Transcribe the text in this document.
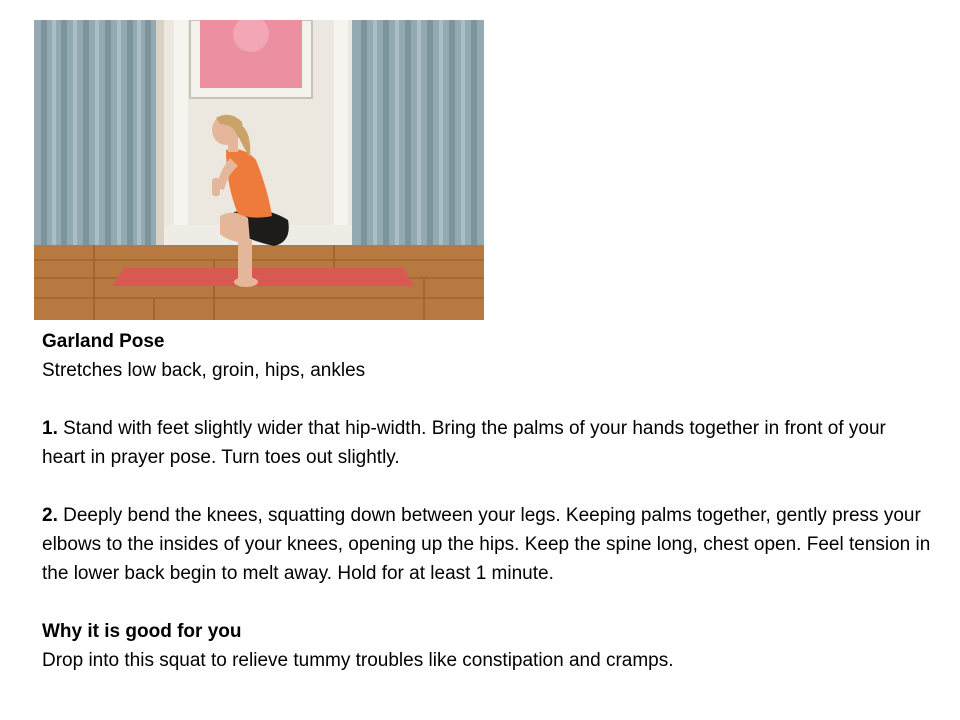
Garland Pose

Stretches low back, groin, hips, ankles

1. Stand with feet slightly wider that hip-width. Bring the palms of your hands together in front of your heart in prayer pose. Turn toes out slightly.

2. Deeply bend the knees, squatting down between your legs. Keeping palms together, gently press your elbows to the insides of your knees, opening up the hips. Keep the spine long, chest open. Feel tension in the lower back begin to melt away. Hold for at least 1 minute.

Why it is good for you

Drop into this squat to relieve tummy troubles like constipation and cramps.
